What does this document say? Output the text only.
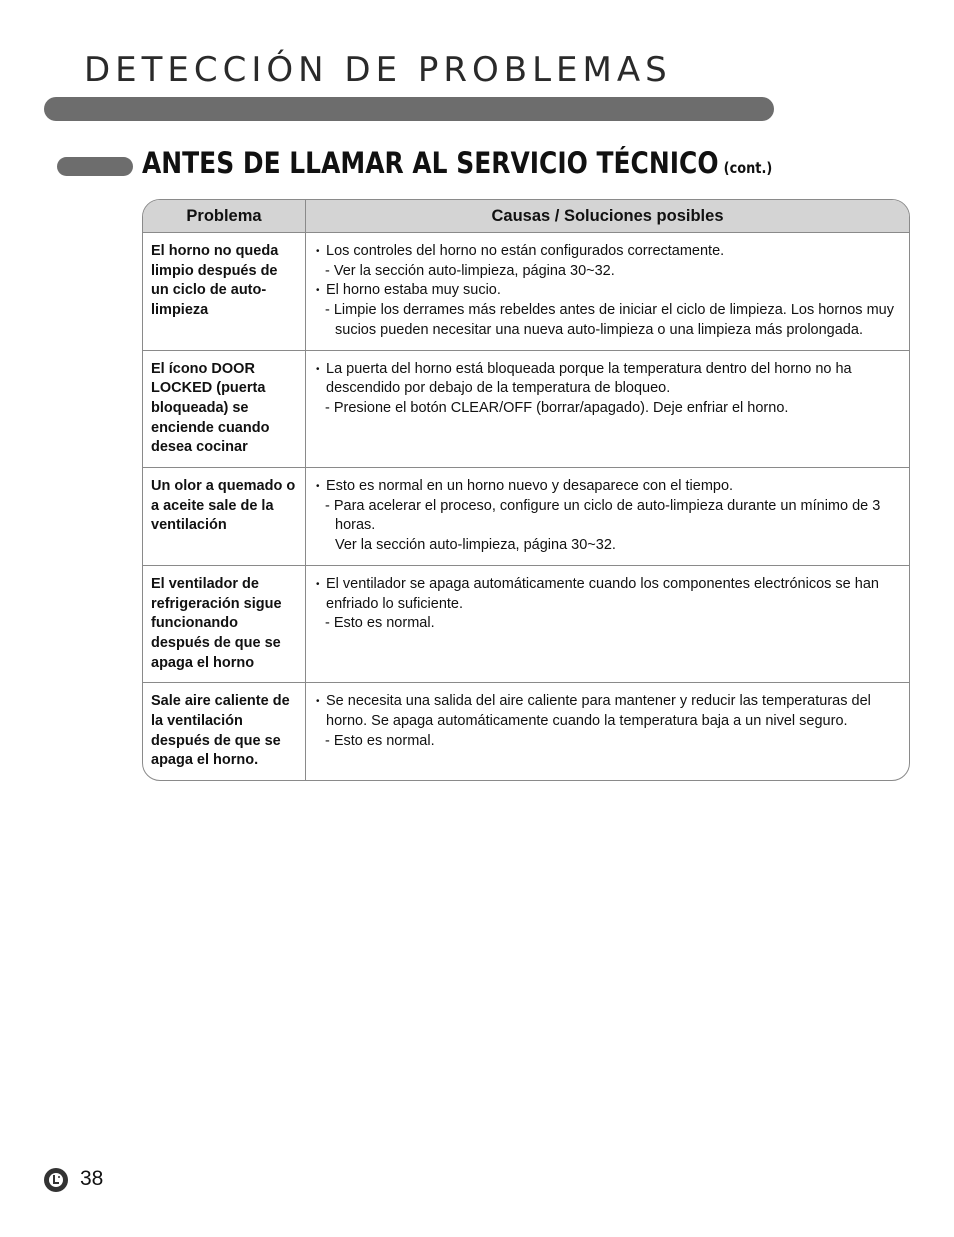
DETECCIÓN DE PROBLEMAS
ANTES DE LLAMAR AL SERVICIO TÉCNICO (cont.)
Problema	Causas / Soluciones posibles
El horno no queda limpio después de un ciclo de auto-limpieza	• Los controles del horno no están configurados correctamente.
- Ver la sección auto-limpieza, página 30~32.
• El horno estaba muy sucio.
- Limpie los derrames más rebeldes antes de iniciar el ciclo de limpieza. Los hornos muy sucios pueden necesitar una nueva auto-limpieza o una limpieza más prolongada.

El ícono DOOR LOCKED (puerta bloqueada) se enciende cuando desea cocinar	• La puerta del horno está bloqueada porque la temperatura dentro del horno no ha descendido por debajo de la temperatura de bloqueo.
- Presione el botón CLEAR/OFF (borrar/apagado). Deje enfriar el horno.

Un olor a quemado o a aceite sale de la ventilación	• Esto es normal en un horno nuevo y desaparece con el tiempo.
- Para acelerar el proceso, configure un ciclo de auto-limpieza durante un mínimo de 3 horas.
Ver la sección auto-limpieza, página 30~32.

El ventilador de refrigeración sigue funcionando después de que se apaga el horno	• El ventilador se apaga automáticamente cuando los componentes electrónicos se han enfriado lo suficiente.
- Esto es normal.

Sale aire caliente de la ventilación después de que se apaga el horno.	• Se necesita una salida del aire caliente para mantener y reducir las temperaturas del horno. Se apaga automáticamente cuando la temperatura baja a un nivel seguro.
- Esto es normal.
38
